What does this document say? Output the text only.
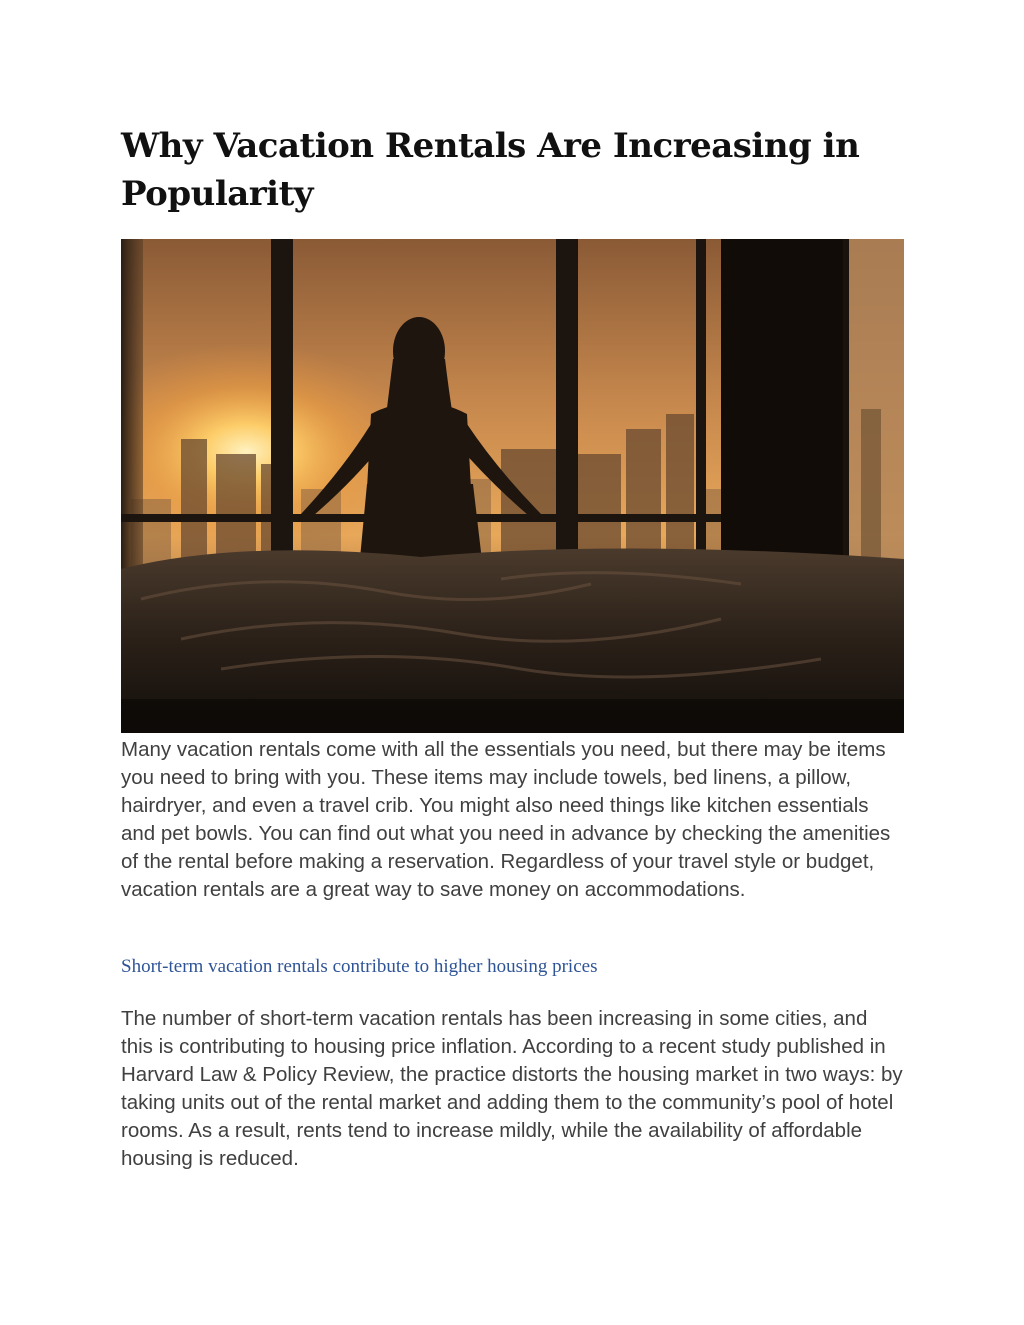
Why Vacation Rentals Are Increasing in Popularity

Many vacation rentals come with all the essentials you need, but there may be items you need to bring with you. These items may include towels, bed linens, a pillow, hairdryer, and even a travel crib. You might also need things like kitchen essentials and pet bowls. You can find out what you need in advance by checking the amenities of the rental before making a reservation. Regardless of your travel style or budget, vacation rentals are a great way to save money on accommodations.

Short-term vacation rentals contribute to higher housing prices

The number of short-term vacation rentals has been increasing in some cities, and this is contributing to housing price inflation. According to a recent study published in Harvard Law & Policy Review, the practice distorts the housing market in two ways: by taking units out of the rental market and adding them to the community’s pool of hotel rooms. As a result, rents tend to increase mildly, while the availability of affordable housing is reduced.
